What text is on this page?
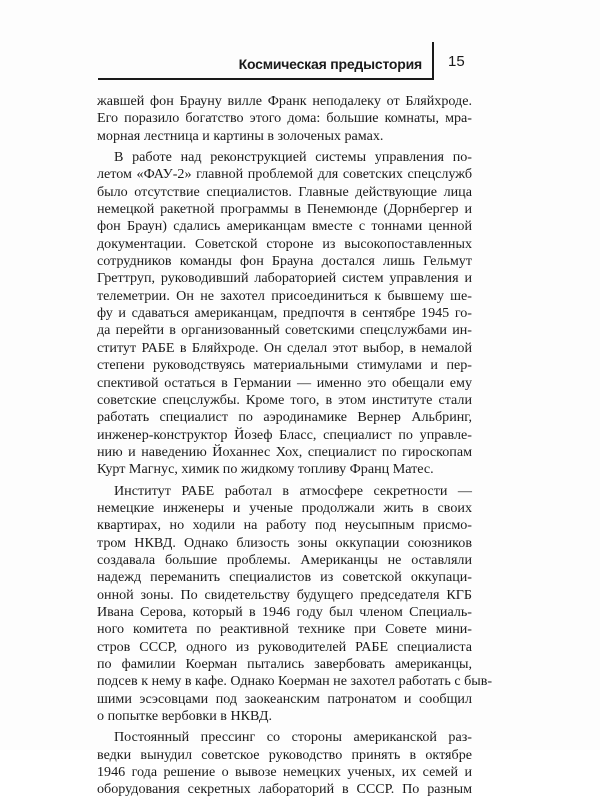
Космическая предыстория 15
жавшей фон Брауну вилле Франк неподалеку от Бляйхроде.
Его поразило богатство этого дома: большие комнаты, мра-
морная лестница и картины в золоченых рамах.
В работе над реконструкцией системы управления по-
летом «ФАУ-2» главной проблемой для советских спецслужб
было отсутствие специалистов. Главные действующие лица
немецкой ракетной программы в Пенемюнде (Дорнбергер и
фон Браун) сдались американцам вместе с тоннами ценной
документации. Советской стороне из высокопоставленных
сотрудников команды фон Брауна достался лишь Гельмут
Греттруп, руководивший лабораторией систем управления и
телеметрии. Он не захотел присоединиться к бывшему ше-
фу и сдаваться американцам, предпочтя в сентябре 1945 го-
да перейти в организованный советскими спецслужбами ин-
ститут РАБЕ в Бляйхроде. Он сделал этот выбор, в немалой
степени руководствуясь материальными стимулами и пер-
спективой остаться в Германии — именно это обещали ему
советские спецслужбы. Кроме того, в этом институте стали
работать специалист по аэродинамике Вернер Альбринг,
инженер-конструктор Йозеф Бласс, специалист по управле-
нию и наведению Йоханнес Хох, специалист по гироскопам
Курт Магнус, химик по жидкому топливу Франц Матес.
Институт РАБЕ работал в атмосфере секретности —
немецкие инженеры и ученые продолжали жить в своих
квартирах, но ходили на работу под неусыпным присмо-
тром НКВД. Однако близость зоны оккупации союзников
создавала большие проблемы. Американцы не оставляли
надежд переманить специалистов из советской оккупаци-
онной зоны. По свидетельству будущего председателя КГБ
Ивана Серова, который в 1946 году был членом Специаль-
ного комитета по реактивной технике при Совете мини-
стров СССР, одного из руководителей РАБЕ специалиста
по фамилии Коерман пытались завербовать американцы,
подсев к нему в кафе. Однако Коерман не захотел работать с быв-
шими эсэсовцами под заокеанским патронатом и сообщил
о попытке вербовки в НКВД.
Постоянный прессинг со стороны американской раз-
ведки вынудил советское руководство принять в октябре
1946 года решение о вывозе немецких ученых, их семей и
оборудования секретных лабораторий в СССР. По разным
